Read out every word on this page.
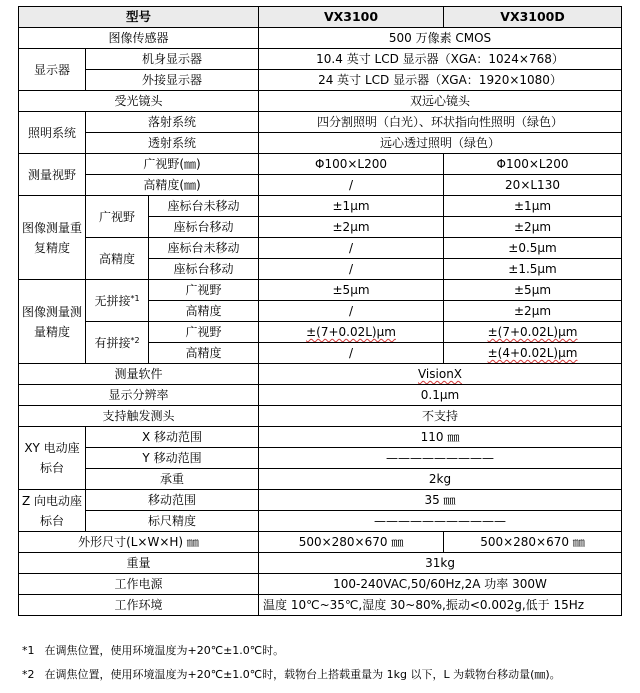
型号			VX3100	VX3100D
图像传感器			500 万像素 CMOS	
显示器	机身显示器		10.4 英寸 LCD 显示器（XGA：1024×768）	
	外接显示器		24 英寸 LCD 显示器（XGA：1920×1080）	
受光镜头			双远心镜头	
照明系统	落射系统		四分割照明（白光）、环状指向性照明（绿色）	
	透射系统		远心透过照明（绿色）	
测量视野	广视野(㎜)		Φ100×L200	Φ100×L200
	高精度(㎜)		/	20×L130
图像测量重复精度	广视野	座标台未移动	±1μm	±1μm
		座标台移动	±2μm	±2μm
	高精度	座标台未移动	/	±0.5μm
		座标台移动	/	±1.5μm
图像测量测量精度	无拼接$^{*1}$	广视野	±5μm	±5μm
		高精度	/	±2μm
	有拼接$^{*2}$	广视野	±(7+0.02L)μm	±(7+0.02L)μm
		高精度	/	±(4+0.02L)μm
测量软件			VisionX	
显示分辨率			0.1μm	
支持触发测头			不支持	
XY 电动座标台	X 移动范围		110 ㎜	
	Y 移动范围		—————————	
	承重		2kg	
Z 向电动座标台	移动范围		35 ㎜	
	标尺精度		———————————	
外形尺寸(L×W×H) ㎜			500×280×670 ㎜	500×280×670 ㎜
重量			31kg	
工作电源			100-240VAC,50/60Hz,2A 功率 300W	
工作环境			温度 10℃~35℃,湿度 30~80%,振动<0.002g,低于 15Hz	
*1 在调焦位置，使用环境温度为+20℃±1.0℃时。
*2 在调焦位置，使用环境温度为+20℃±1.0℃时，载物台上搭载重量为 1kg 以下，L 为载物台移动量(㎜)。
